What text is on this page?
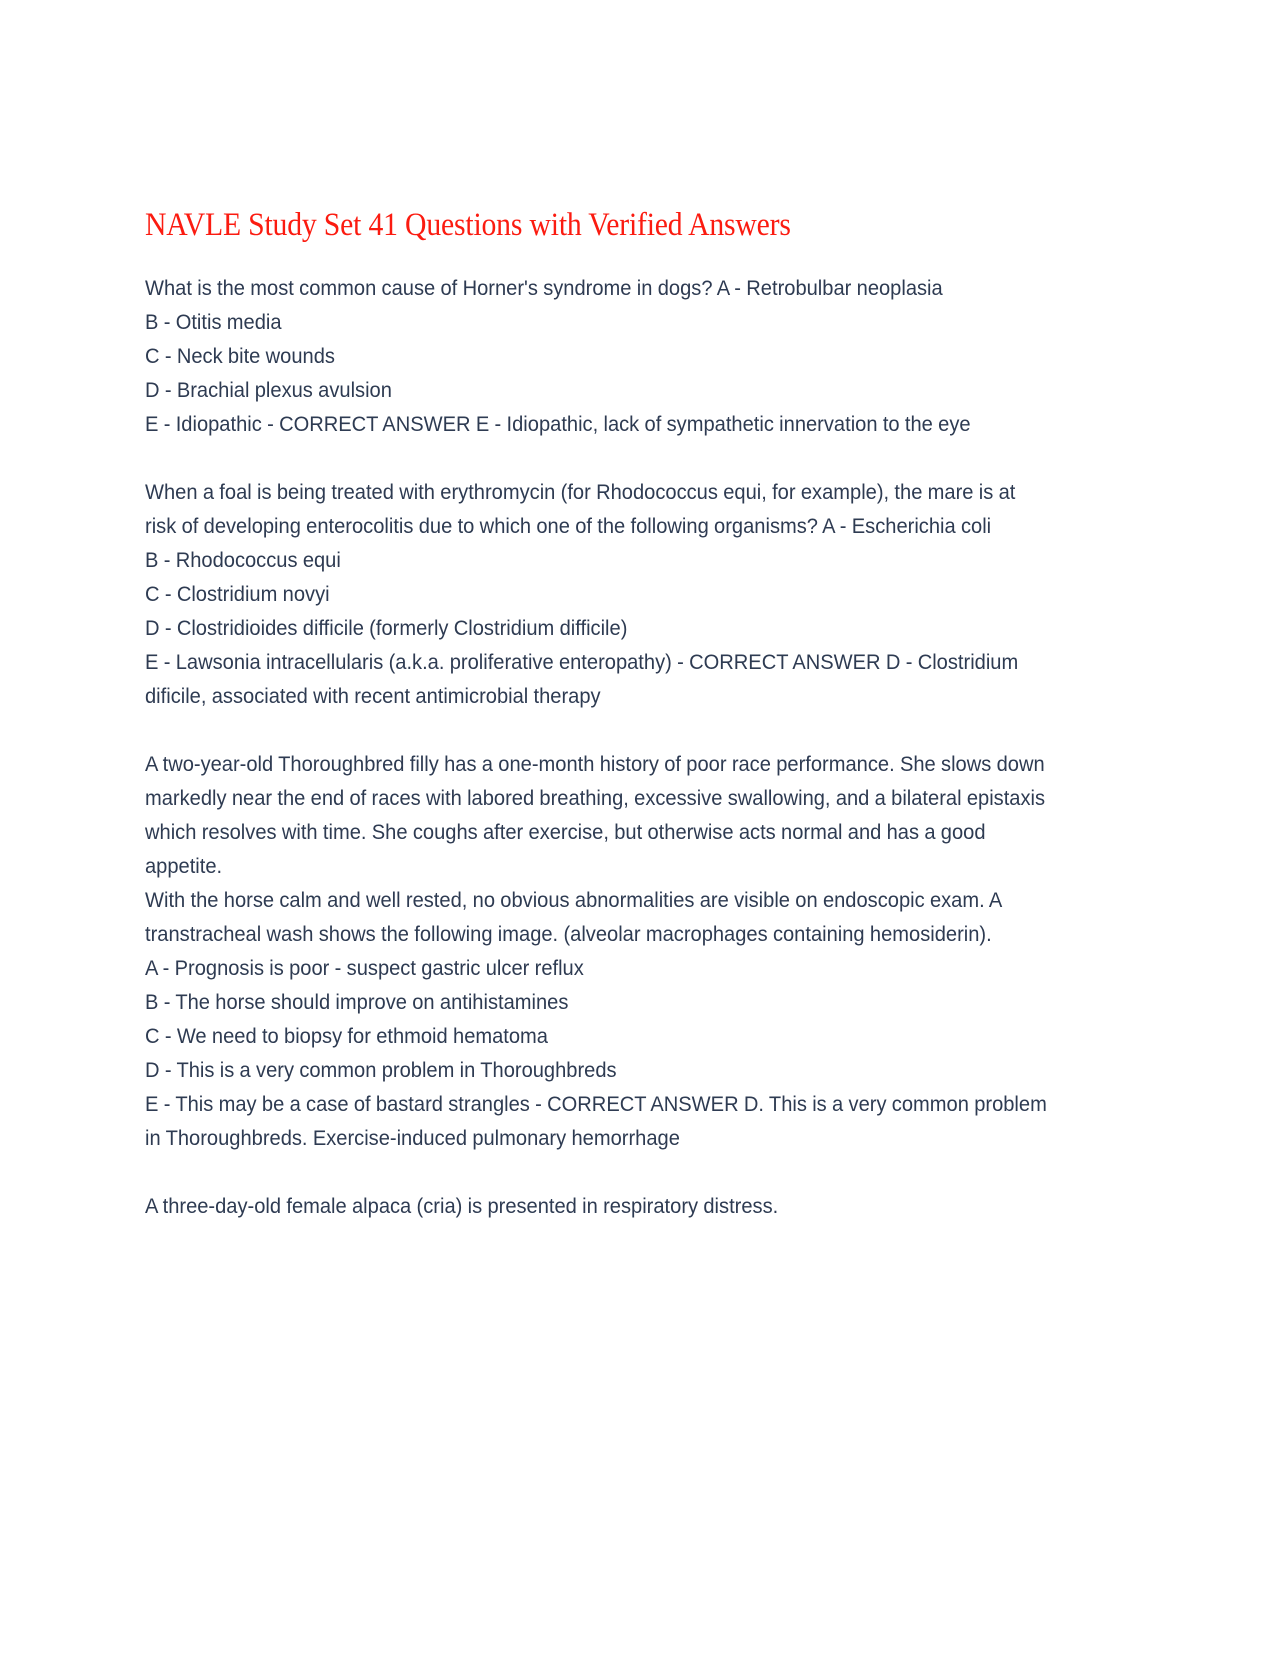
NAVLE Study Set 41 Questions with Verified Answers

What is the most common cause of Horner's syndrome in dogs? A - Retrobulbar neoplasia
B - Otitis media
C - Neck bite wounds
D - Brachial plexus avulsion
E - Idiopathic - CORRECT ANSWER E - Idiopathic, lack of sympathetic innervation to the eye

When a foal is being treated with erythromycin (for Rhodococcus equi, for example), the mare is at risk of developing enterocolitis due to which one of the following organisms? A - Escherichia coli
B - Rhodococcus equi
C - Clostridium novyi
D - Clostridioides difficile (formerly Clostridium difficile)
E - Lawsonia intracellularis (a.k.a. proliferative enteropathy) - CORRECT ANSWER D - Clostridium dificile, associated with recent antimicrobial therapy

A two-year-old Thoroughbred filly has a one-month history of poor race performance. She slows down markedly near the end of races with labored breathing, excessive swallowing, and a bilateral epistaxis which resolves with time. She coughs after exercise, but otherwise acts normal and has a good appetite.
With the horse calm and well rested, no obvious abnormalities are visible on endoscopic exam. A transtracheal wash shows the following image. (alveolar macrophages containing hemosiderin).
A - Prognosis is poor - suspect gastric ulcer reflux
B - The horse should improve on antihistamines
C - We need to biopsy for ethmoid hematoma
D - This is a very common problem in Thoroughbreds
E - This may be a case of bastard strangles - CORRECT ANSWER D. This is a very common problem in Thoroughbreds. Exercise-induced pulmonary hemorrhage

A three-day-old female alpaca (cria) is presented in respiratory distress.
